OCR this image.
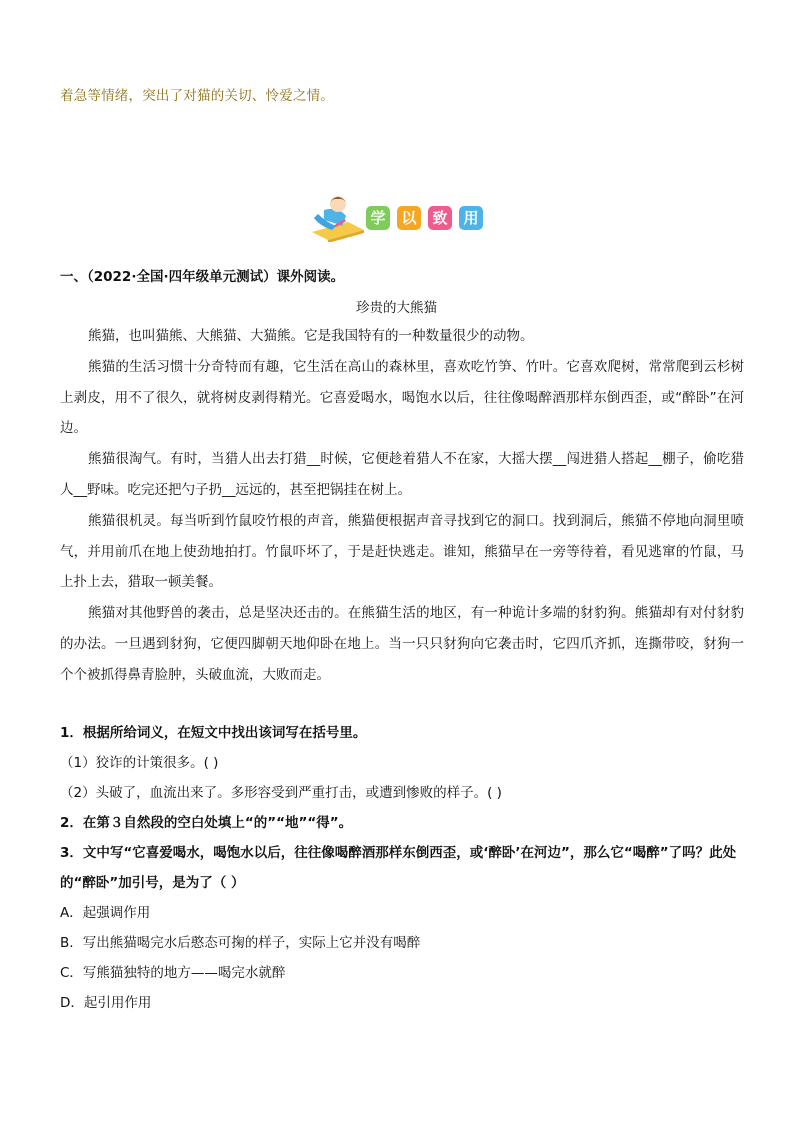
着急等情绪，突出了对猫的关切、怜爱之情。
学	以	致	用
一、（2022·全国·四年级单元测试）课外阅读。
珍贵的大熊猫

熊猫，也叫猫熊、大熊猫、大猫熊。它是我国特有的一种数量很少的动物。

熊猫的生活习惯十分奇特而有趣，它生活在高山的森林里，喜欢吃竹笋、竹叶。它喜欢爬树，常常爬到云杉树上剥皮，用不了很久，就将树皮剥得精光。它喜爱喝水，喝饱水以后，往往像喝醉酒那样东倒西歪，或“醉卧”在河边。

熊猫很淘气。有时，当猎人出去打猎__时候，它便趁着猎人不在家，大摇大摆__闯进猎人搭起__棚子，偷吃猎人__野味。吃完还把勺子扔__远远的，甚至把锅挂在树上。

熊猫很机灵。每当听到竹鼠咬竹根的声音，熊猫便根据声音寻找到它的洞口。找到洞后，熊猫不停地向洞里喷气，并用前爪在地上使劲地拍打。竹鼠吓坏了，于是赶快逃走。谁知，熊猫早在一旁等待着，看见逃窜的竹鼠，马上扑上去，猎取一顿美餐。

熊猫对其他野兽的袭击，总是坚决还击的。在熊猫生活的地区，有一种诡计多端的豺豹狗。熊猫却有对付豺豹的办法。一旦遇到豺狗，它便四脚朝天地仰卧在地上。当一只只豺狗向它袭击时，它四爪齐抓，连撕带咬，豺狗一个个被抓得鼻青脸肿，头破血流，大败而走。

1．根据所给词义，在短文中找出该词写在括号里。
（1）狡诈的计策很多。( )
（2）头破了，血流出来了。多形容受到严重打击，或遭到惨败的样子。( )
2．在第３自然段的空白处填上“的”“地”“得”。
3．文中写“它喜爱喝水，喝饱水以后，往往像喝醉酒那样东倒西歪，或‘醉卧’在河边”，那么它“喝醉”了吗？此处的“醉卧”加引号，是为了（ ）
A．起强调作用
B．写出熊猫喝完水后憨态可掬的样子，实际上它并没有喝醉
C．写熊猫独特的地方——喝完水就醉
D．起引用作用
